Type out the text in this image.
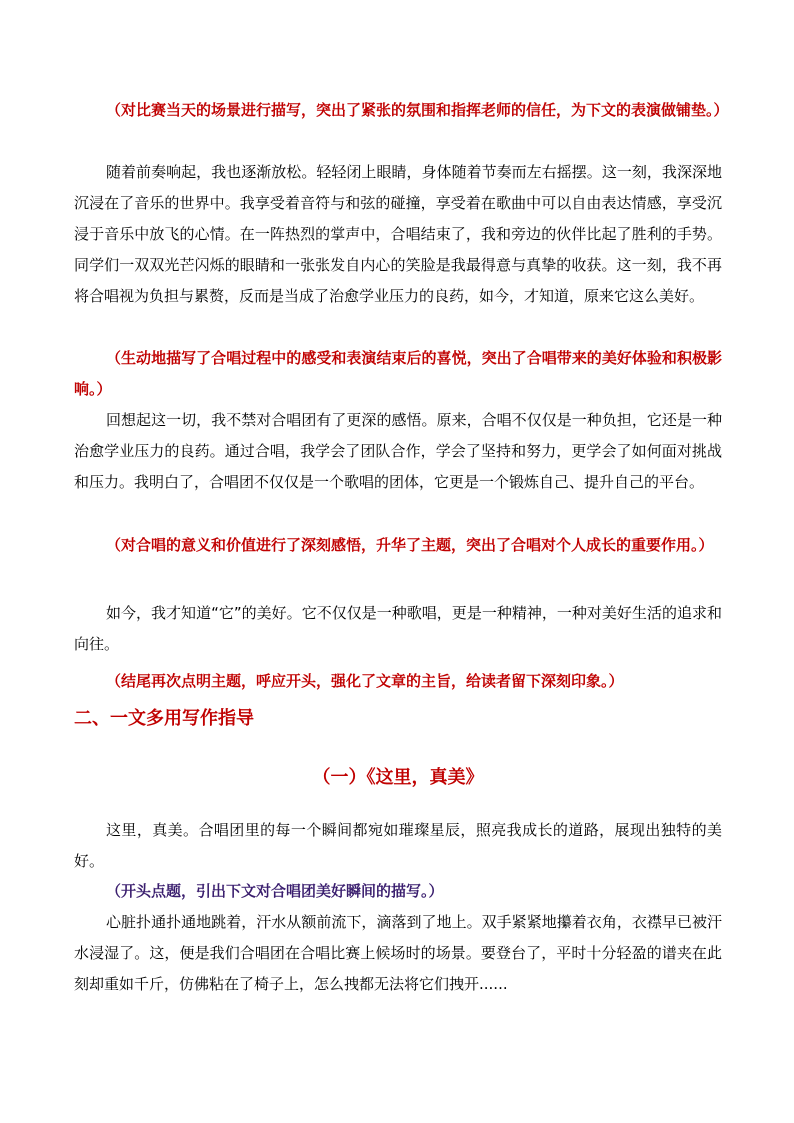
（对比赛当天的场景进行描写，突出了紧张的氛围和指挥老师的信任，为下文的表演做铺垫。）

随着前奏响起，我也逐渐放松。轻轻闭上眼睛，身体随着节奏而左右摇摆。这一刻，我深深地沉浸在了音乐的世界中。我享受着音符与和弦的碰撞，享受着在歌曲中可以自由表达情感，享受沉浸于音乐中放飞的心情。在一阵热烈的掌声中，合唱结束了，我和旁边的伙伴比起了胜利的手势。同学们一双双光芒闪烁的眼睛和一张张发自内心的笑脸是我最得意与真挚的收获。这一刻，我不再将合唱视为负担与累赘，反而是当成了治愈学业压力的良药，如今，才知道，原来它这么美好。

（生动地描写了合唱过程中的感受和表演结束后的喜悦，突出了合唱带来的美好体验和积极影响。）

回想起这一切，我不禁对合唱团有了更深的感悟。原来，合唱不仅仅是一种负担，它还是一种治愈学业压力的良药。通过合唱，我学会了团队合作，学会了坚持和努力，更学会了如何面对挑战和压力。我明白了，合唱团不仅仅是一个歌唱的团体，它更是一个锻炼自己、提升自己的平台。

（对合唱的意义和价值进行了深刻感悟，升华了主题，突出了合唱对个人成长的重要作用。）

如今，我才知道“它”的美好。它不仅仅是一种歌唱，更是一种精神，一种对美好生活的追求和向往。

（结尾再次点明主题，呼应开头，强化了文章的主旨，给读者留下深刻印象。）

二、一文多用写作指导
（一）《这里，真美》

这里，真美。合唱团里的每一个瞬间都宛如璀璨星辰，照亮我成长的道路，展现出独特的美好。

（开头点题，引出下文对合唱团美好瞬间的描写。）

心脏扑通扑通地跳着，汗水从额前流下，滴落到了地上。双手紧紧地攥着衣角，衣襟早已被汗水浸湿了。这，便是我们合唱团在合唱比赛上候场时的场景。要登台了，平时十分轻盈的谱夹在此刻却重如千斤，仿佛粘在了椅子上，怎么拽都无法将它们拽开......
